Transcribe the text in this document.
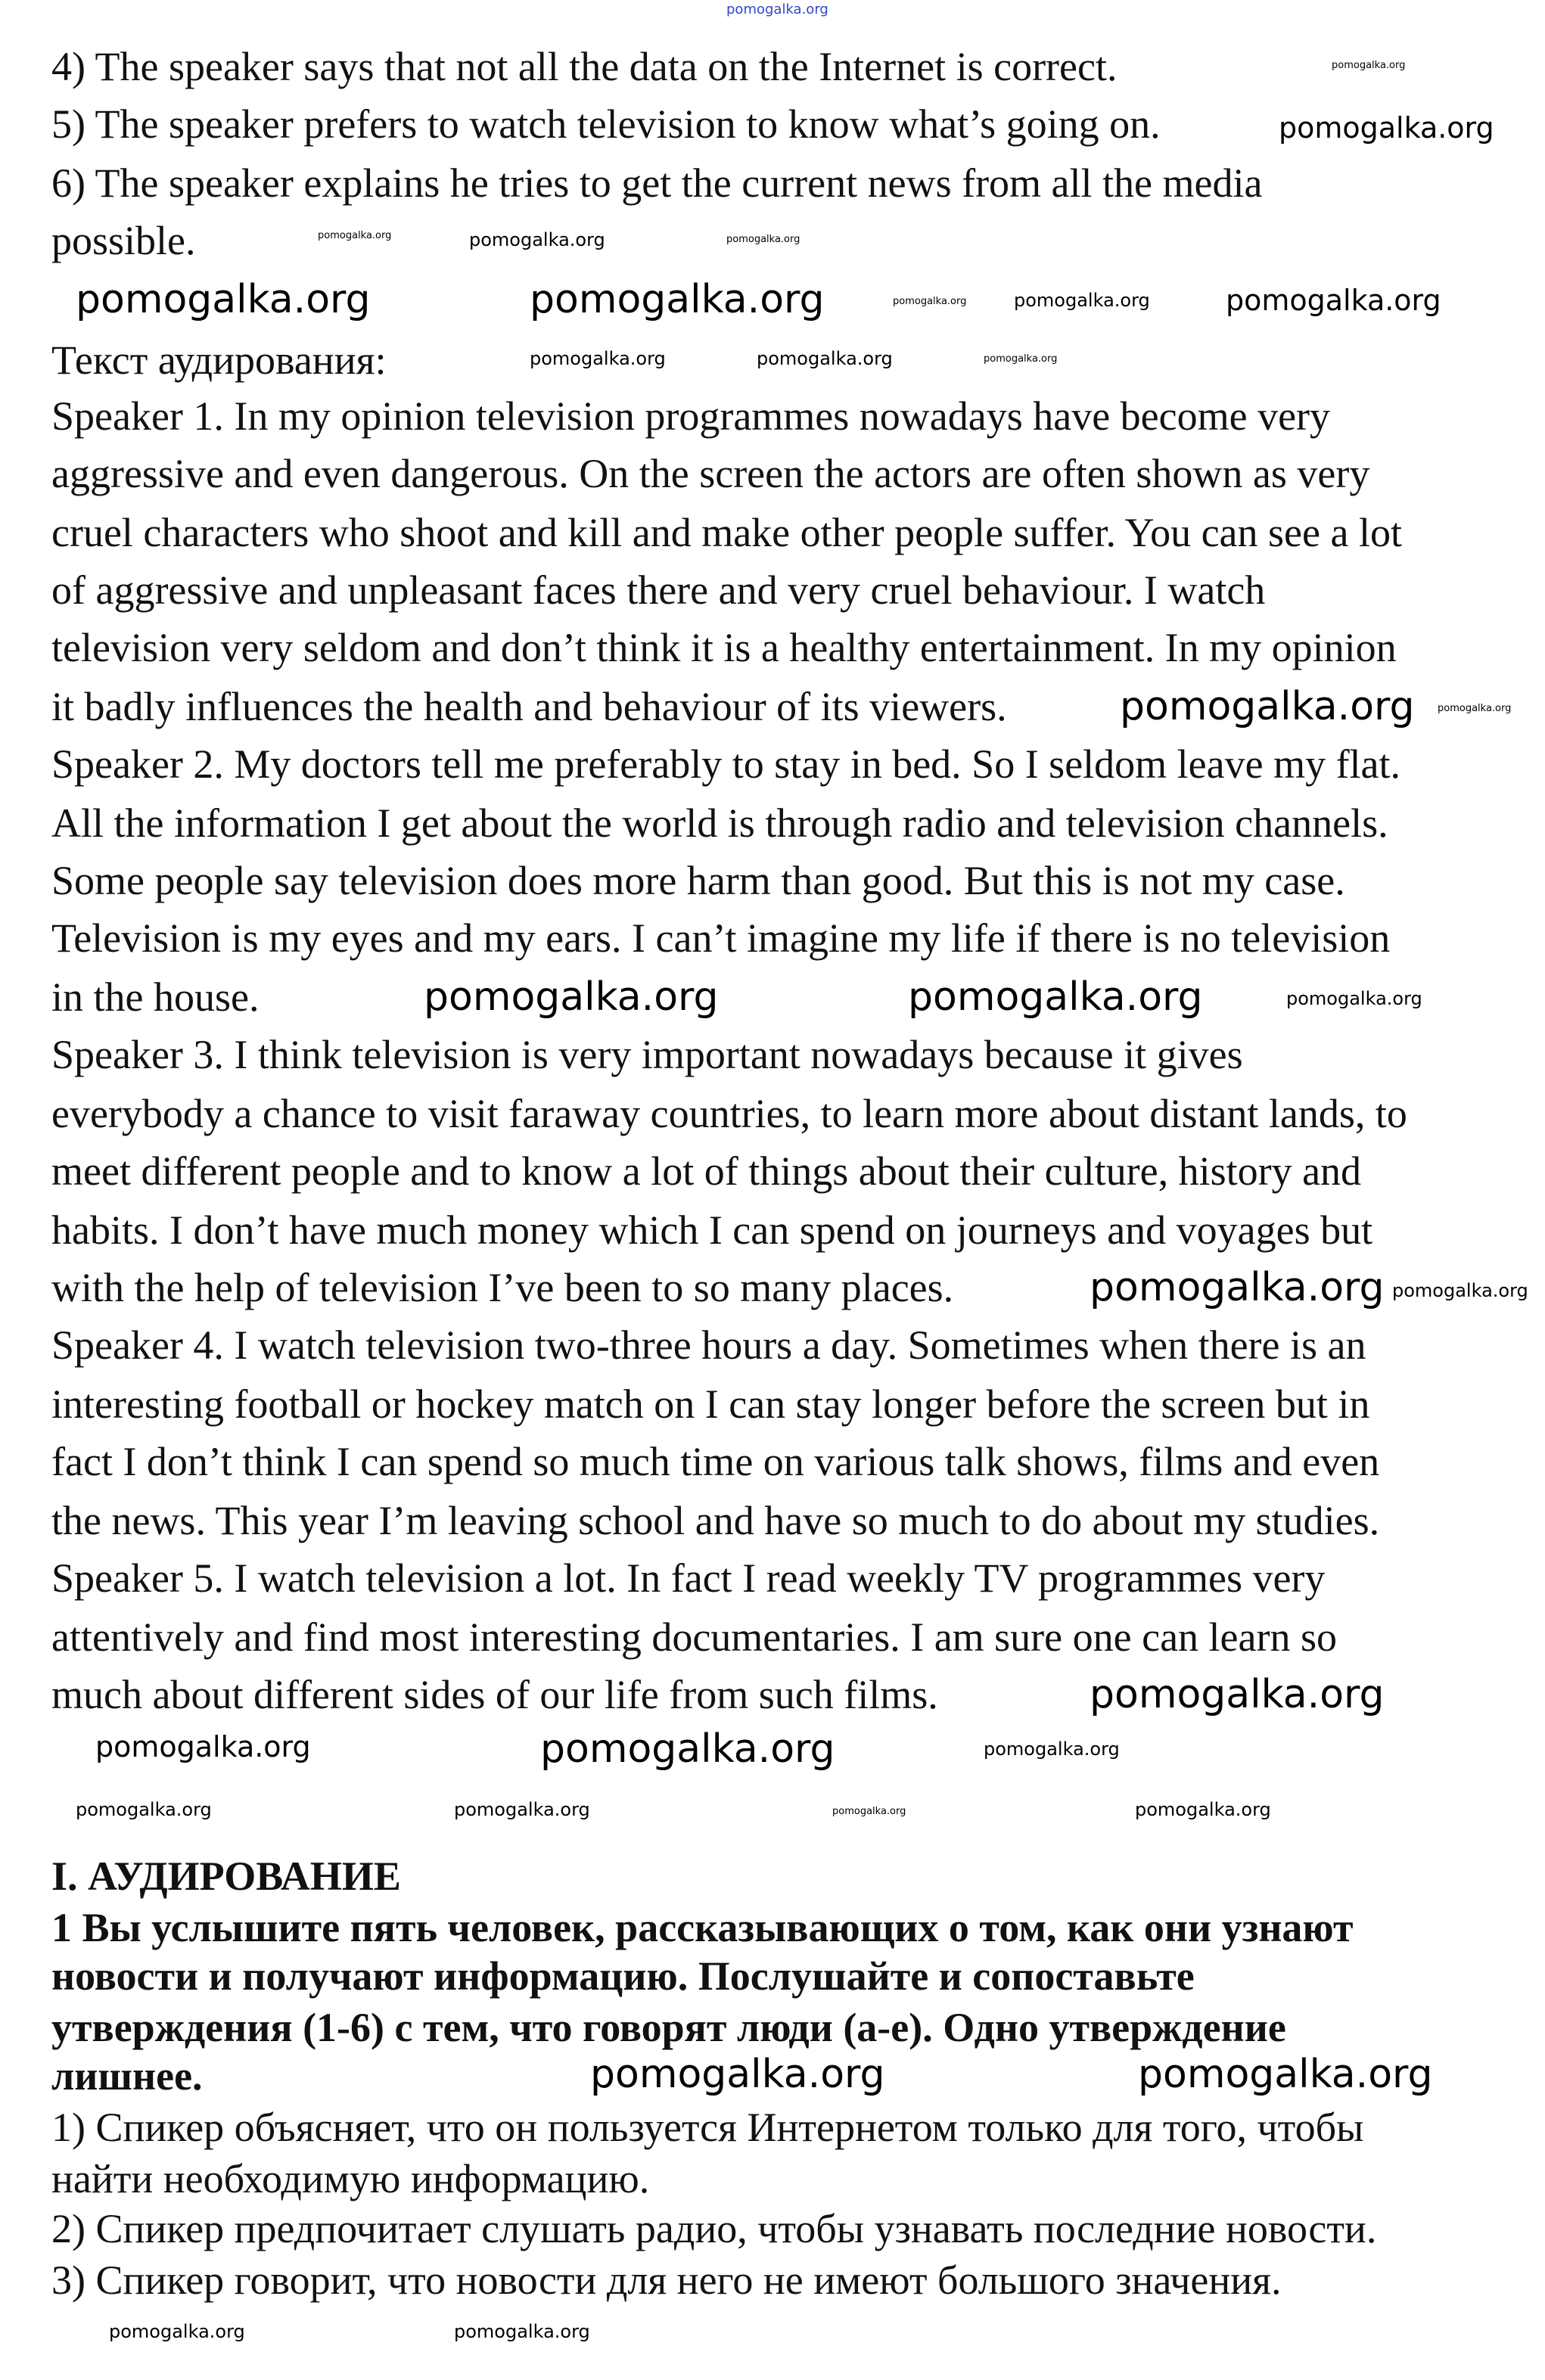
4) The speaker says that not all the data on the Internet is correct.
5) The speaker prefers to watch television to know what’s going on.
6) The speaker explains he tries to get the current news from all the media
possible.
Текст аудирования:
Speaker 1. In my opinion television programmes nowadays have become very
aggressive and even dangerous. On the screen the actors are often shown as very
cruel characters who shoot and kill and make other people suffer. You can see a lot
of aggressive and unpleasant faces there and very cruel behaviour. I watch
television very seldom and don’t think it is a healthy entertainment. In my opinion
it badly influences the health and behaviour of its viewers.
Speaker 2. My doctors tell me preferably to stay in bed. So I seldom leave my flat.
All the information I get about the world is through radio and television channels.
Some people say television does more harm than good. But this is not my case.
Television is my eyes and my ears. I can’t imagine my life if there is no television
in the house.
Speaker 3. I think television is very important nowadays because it gives
everybody a chance to visit faraway countries, to learn more about distant lands, to
meet different people and to know a lot of things about their culture, history and
habits. I don’t have much money which I can spend on journeys and voyages but
with the help of television I’ve been to so many places.
Speaker 4. I watch television two-three hours a day. Sometimes when there is an
interesting football or hockey match on I can stay longer before the screen but in
fact I don’t think I can spend so much time on various talk shows, films and even
the news. This year I’m leaving school and have so much to do about my studies.
Speaker 5. I watch television a lot. In fact I read weekly TV programmes very
attentively and find most interesting documentaries. I am sure one can learn so
much about different sides of our life from such films.
I. АУДИРОВАНИЕ
1 Вы услышите пять человек, рассказывающих о том, как они узнают
новости и получают информацию. Послушайте и сопоставьте
утверждения (1-6) с тем, что говорят люди (a-e). Одно утверждение
лишнее.
1) Спикер объясняет, что он пользуется Интернетом только для того, чтобы
найти необходимую информацию.
2) Спикер предпочитает слушать радио, чтобы узнавать последние новости.
3) Спикер говорит, что новости для него не имеют большого значения.
pomogalka.org
pomogalka.org
pomogalka.org
pomogalka.org	pomogalka.org	pomogalka.org
pomogalka.org	pomogalka.org	pomogalka.org	pomogalka.org	pomogalka.org
pomogalka.org	pomogalka.org	pomogalka.org
pomogalka.org pomogalka.org
pomogalka.org	pomogalka.org	pomogalka.org
pomogalka.org pomogalka.org
pomogalka.org
pomogalka.org	pomogalka.org	pomogalka.org
pomogalka.org	pomogalka.org	pomogalka.org	pomogalka.org
pomogalka.org	pomogalka.org
pomogalka.org	pomogalka.org
